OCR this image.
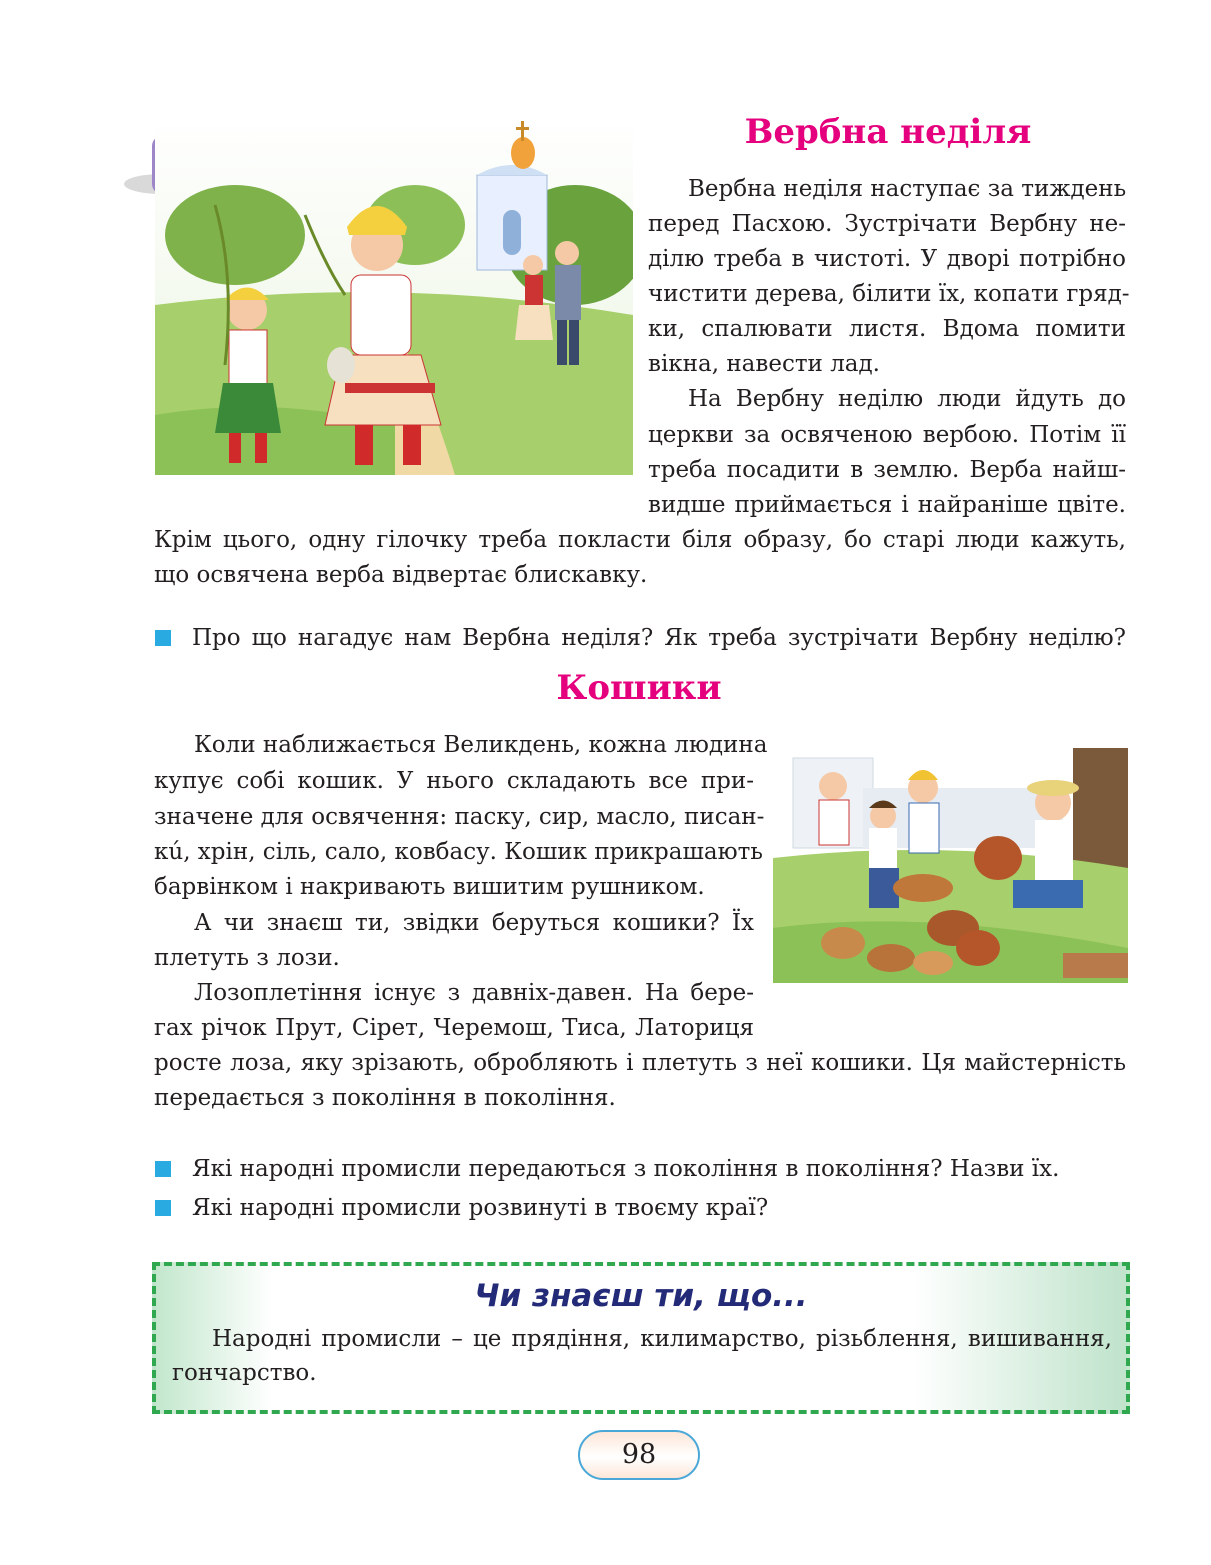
Вербна неділя
Вербна неділя наступає за тиждень
перед Пасхою. Зустрічати Вербну не-
ділю треба в чистоті. У дворі потрібно
чистити дерева, білити їх, копати гряд-
ки, спалювати листя. Вдома помити
вікна, навести лад.
На Вербну неділю люди йдуть до
церкви за освяченою вербою. Потім її
треба посадити в землю. Верба найш-
видше приймається і найраніше цвіте.
Крім цього, одну гілочку треба покласти біля образу, бо старі люди кажуть,
що освячена верба відвертає блискавку.
Про що нагадує нам Вербна неділя? Як треба зустрічати Вербну неділю?
Кошики
Коли наближається Великдень, кожна людина
купує собі кошик. У нього складають все при-
значене для освячення: паску, сир, масло, писан-
кú, хрін, сіль, сало, ковбасу. Кошик прикрашають
барвінком і накривають вишитим рушником.
А чи знаєш ти, звідки беруться кошики? Їх
плетуть з лози.
Лозоплетіння існує з давніх-давен. На бере-
гах річок Прут, Сірет, Черемош, Тиса, Латориця
росте лоза, яку зрізають, обробляють і плетуть з неї кошики. Ця майстерність
передається з покоління в покоління.
Які народні промисли передаються з покоління в покоління? Назви їх.
Які народні промисли розвинуті в твоєму краї?
Чи знаєш ти, що...
Народні промисли – це прядіння, килимарство, різьблення, вишивання,
гончарство.
98
